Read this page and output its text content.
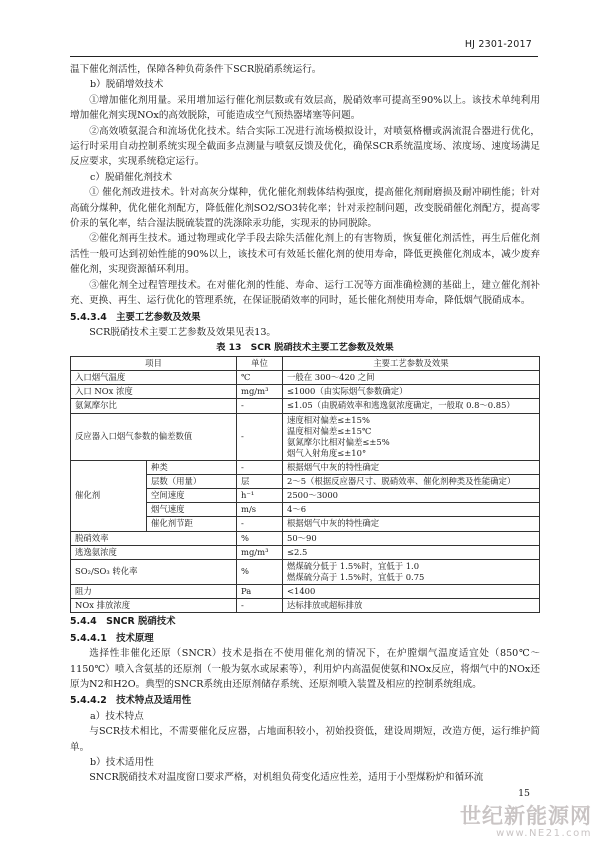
HJ 2301-2017

温下催化剂活性，保障各种负荷条件下SCR脱硝系统运行。

b）脱硝增效技术

①增加催化剂用量。采用增加运行催化剂层数或有效层高，脱硝效率可提高至90%以上。该技术单纯利用增加催化剂实现NOx的高效脱除，可能造成空气预热器堵塞等问题。

②高效喷氨混合和流场优化技术。结合实际工况进行流场模拟设计，对喷氨格栅或涡流混合器进行优化，运行时采用自动控制系统实现全截面多点测量与喷氨反馈及优化，确保SCR系统温度场、浓度场、速度场满足反应要求，实现系统稳定运行。

c）脱硝催化剂技术

① 催化剂改进技术。针对高灰分煤种，优化催化剂载体结构强度，提高催化剂耐磨损及耐冲刷性能；针对高硫分煤种，优化催化剂配方，降低催化剂SO2/SO3转化率；针对汞控制问题，改变脱硝催化剂配方，提高零价汞的氧化率，结合湿法脱硫装置的洗涤除汞功能，实现汞的协同脱除。

②催化剂再生技术。通过物理或化学手段去除失活催化剂上的有害物质，恢复催化剂活性，再生后催化剂活性一般可达到初始性能的90%以上，该技术可有效延长催化剂的使用寿命，降低更换催化剂成本，减少废弃催化剂，实现资源循环利用。

③催化剂全过程管理技术。在对催化剂的性能、寿命、运行工况等方面准确检测的基础上，建立催化剂补充、更换、再生、运行优化的管理系统，在保证脱硝效率的同时，延长催化剂使用寿命，降低烟气脱硝成本。

5.4.3.4　主要工艺参数及效果

SCR脱硝技术主要工艺参数及效果见表13。

表 13　SCR 脱硝技术主要工艺参数及效果

项目		单位	主要工艺参数及效果
入口烟气温度		℃	一般在 300～420 之间
入口 NOx 浓度		mg/m³	≤1000（由实际烟气参数确定）
氨氮摩尔比		-	≤1.05（由脱硝效率和逃逸氨浓度确定，一般取 0.8～0.85）
反应器入口烟气参数的偏差数值		-	速度相对偏差≤±15%
温度相对偏差≤±15℃
氨氮摩尔比相对偏差≤±5%
烟气入射角度≤±10°

催化剂	种类	-	根据烟气中灰的特性确定
	层数（用量）	层	2～5（根据反应器尺寸、脱硝效率、催化剂种类及性能确定）
	空间速度	h⁻¹	2500～3000
	烟气速度	m/s	4～6
	催化剂节距	-	根据烟气中灰的特性确定
脱硝效率		%	50～90
逃逸氨浓度		mg/m³	≤2.5
SO₂/SO₃ 转化率		%	燃煤硫分低于 1.5%时，宜低于 1.0
燃煤硫分高于 1.5%时，宜低于 0.75

阻力		Pa	<1400
NOx 排放浓度		-	达标排放或超标排放

5.4.4　SNCR 脱硝技术

5.4.4.1　技术原理

选择性非催化还原（SNCR）技术是指在不使用催化剂的情况下，在炉膛烟气温度适宜处（850℃～1150℃）喷入含氨基的还原剂（一般为氨水或尿素等），利用炉内高温促使氨和NOx反应，将烟气中的NOx还原为N2和H2O。典型的SNCR系统由还原剂储存系统、还原剂喷入装置及相应的控制系统组成。

5.4.4.2　技术特点及适用性

a）技术特点

与SCR技术相比，不需要催化反应器，占地面积较小，初始投资低，建设周期短，改造方便，运行维护简单。

b）技术适用性

SNCR脱硝技术对温度窗口要求严格，对机组负荷变化适应性差，适用于小型煤粉炉和循环流

15
世纪新能源网
www.NE21.com
